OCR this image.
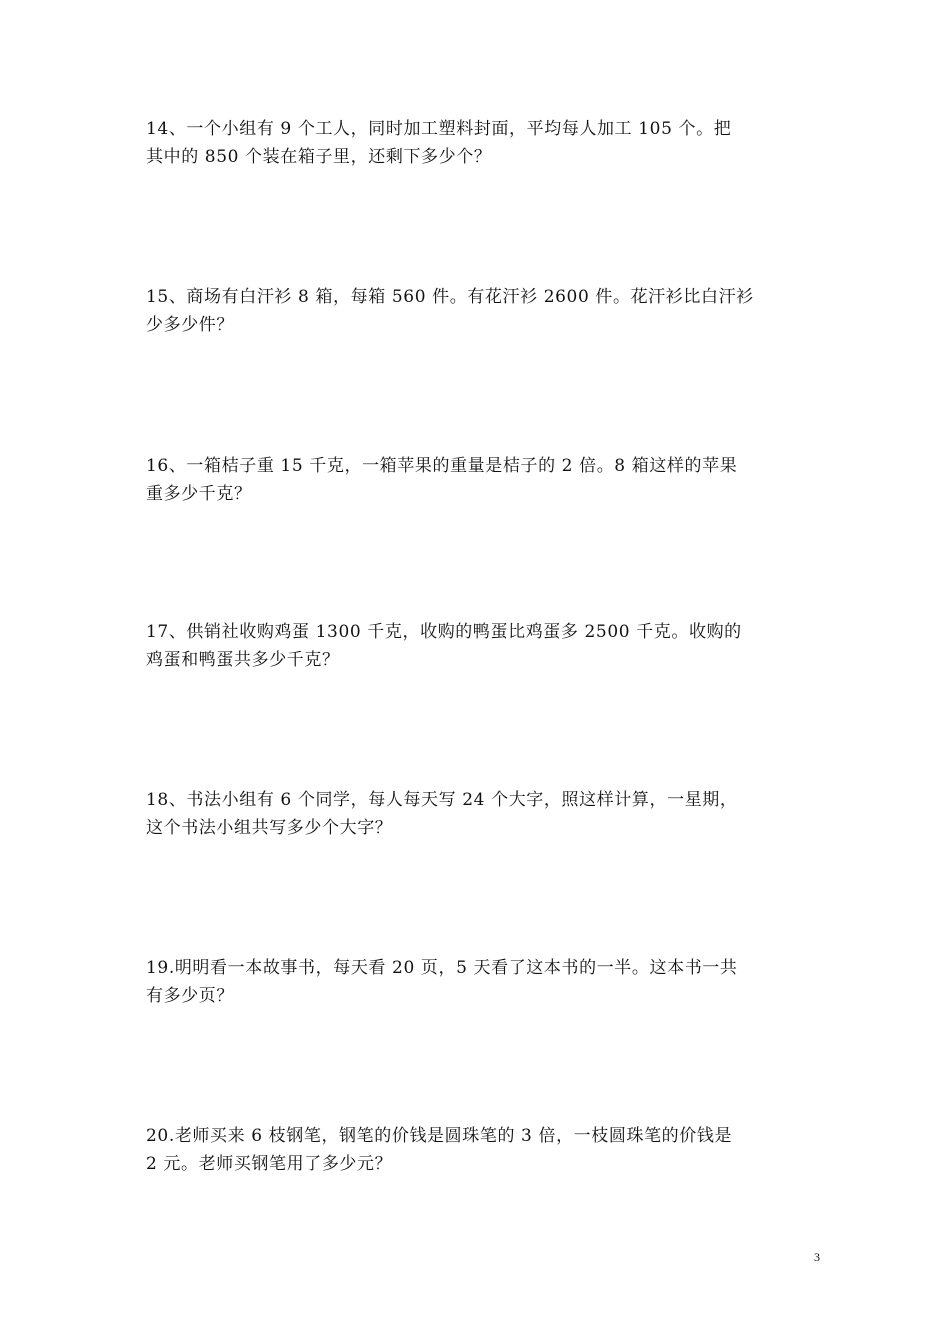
14、一个小组有 9 个工人，同时加工塑料封面，平均每人加工 105 个。把
其中的 850 个装在箱子里，还剩下多少个？
15、商场有白汗衫 8 箱，每箱 560 件。有花汗衫 2600 件。花汗衫比白汗衫
少多少件？
16、一箱桔子重 15 千克，一箱苹果的重量是桔子的 2 倍。8 箱这样的苹果
重多少千克？
17、供销社收购鸡蛋 1300 千克，收购的鸭蛋比鸡蛋多 2500 千克。收购的
鸡蛋和鸭蛋共多少千克？
18、书法小组有 6 个同学，每人每天写 24 个大字，照这样计算，一星期，
这个书法小组共写多少个大字？
19.明明看一本故事书，每天看 20 页，5 天看了这本书的一半。这本书一共
有多少页？
20.老师买来 6 枝钢笔，钢笔的价钱是圆珠笔的 3 倍，一枝圆珠笔的价钱是
2 元。老师买钢笔用了多少元？
3
